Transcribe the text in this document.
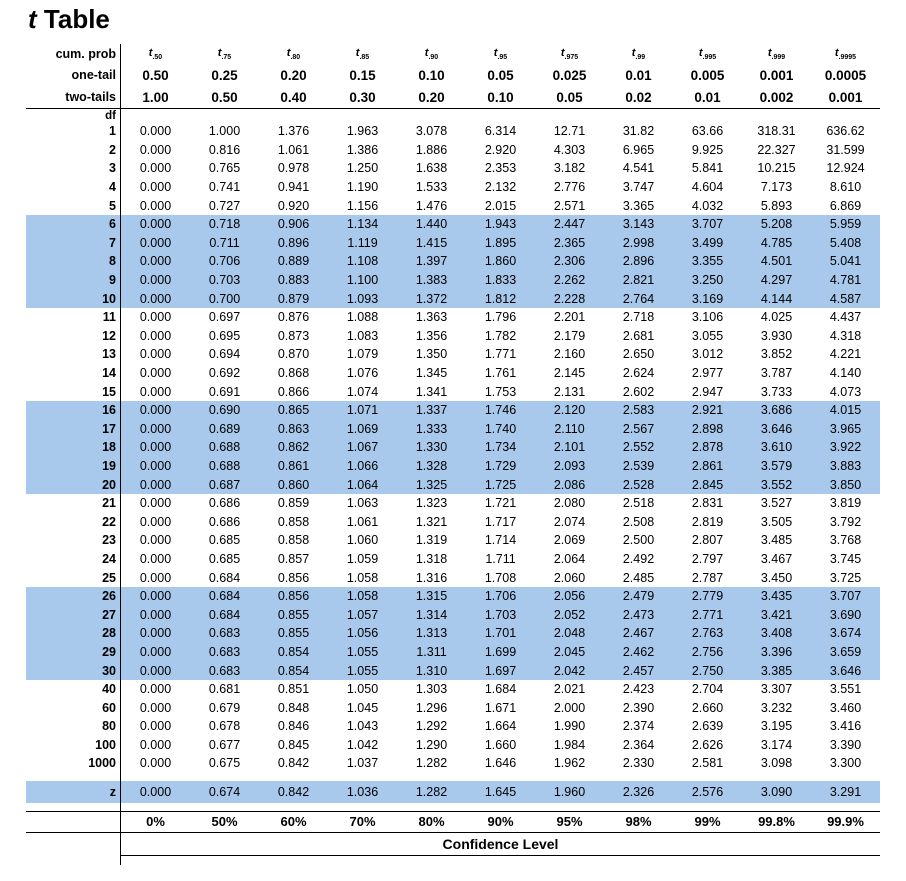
t Table
cum. prob	$t_{.50}$	$t_{.75}$	$t_{.80}$	$t_{.85}$	$t_{.90}$	$t_{.95}$	$t_{.975}$	$t_{.99}$	$t_{.995}$	$t_{.999}$	$t_{.9995}$
one-tail	0.50	0.25	0.20	0.15	0.10	0.05	0.025	0.01	0.005	0.001	0.0005
two-tails	1.00	0.50	0.40	0.30	0.20	0.10	0.05	0.02	0.01	0.002	0.001
df											
1	0.000	1.000	1.376	1.963	3.078	6.314	12.71	31.82	63.66	318.31	636.62
2	0.000	0.816	1.061	1.386	1.886	2.920	4.303	6.965	9.925	22.327	31.599
3	0.000	0.765	0.978	1.250	1.638	2.353	3.182	4.541	5.841	10.215	12.924
4	0.000	0.741	0.941	1.190	1.533	2.132	2.776	3.747	4.604	7.173	8.610
5	0.000	0.727	0.920	1.156	1.476	2.015	2.571	3.365	4.032	5.893	6.869
6	0.000	0.718	0.906	1.134	1.440	1.943	2.447	3.143	3.707	5.208	5.959
7	0.000	0.711	0.896	1.119	1.415	1.895	2.365	2.998	3.499	4.785	5.408
8	0.000	0.706	0.889	1.108	1.397	1.860	2.306	2.896	3.355	4.501	5.041
9	0.000	0.703	0.883	1.100	1.383	1.833	2.262	2.821	3.250	4.297	4.781
10	0.000	0.700	0.879	1.093	1.372	1.812	2.228	2.764	3.169	4.144	4.587
11	0.000	0.697	0.876	1.088	1.363	1.796	2.201	2.718	3.106	4.025	4.437
12	0.000	0.695	0.873	1.083	1.356	1.782	2.179	2.681	3.055	3.930	4.318
13	0.000	0.694	0.870	1.079	1.350	1.771	2.160	2.650	3.012	3.852	4.221
14	0.000	0.692	0.868	1.076	1.345	1.761	2.145	2.624	2.977	3.787	4.140
15	0.000	0.691	0.866	1.074	1.341	1.753	2.131	2.602	2.947	3.733	4.073
16	0.000	0.690	0.865	1.071	1.337	1.746	2.120	2.583	2.921	3.686	4.015
17	0.000	0.689	0.863	1.069	1.333	1.740	2.110	2.567	2.898	3.646	3.965
18	0.000	0.688	0.862	1.067	1.330	1.734	2.101	2.552	2.878	3.610	3.922
19	0.000	0.688	0.861	1.066	1.328	1.729	2.093	2.539	2.861	3.579	3.883
20	0.000	0.687	0.860	1.064	1.325	1.725	2.086	2.528	2.845	3.552	3.850
21	0.000	0.686	0.859	1.063	1.323	1.721	2.080	2.518	2.831	3.527	3.819
22	0.000	0.686	0.858	1.061	1.321	1.717	2.074	2.508	2.819	3.505	3.792
23	0.000	0.685	0.858	1.060	1.319	1.714	2.069	2.500	2.807	3.485	3.768
24	0.000	0.685	0.857	1.059	1.318	1.711	2.064	2.492	2.797	3.467	3.745
25	0.000	0.684	0.856	1.058	1.316	1.708	2.060	2.485	2.787	3.450	3.725
26	0.000	0.684	0.856	1.058	1.315	1.706	2.056	2.479	2.779	3.435	3.707
27	0.000	0.684	0.855	1.057	1.314	1.703	2.052	2.473	2.771	3.421	3.690
28	0.000	0.683	0.855	1.056	1.313	1.701	2.048	2.467	2.763	3.408	3.674
29	0.000	0.683	0.854	1.055	1.311	1.699	2.045	2.462	2.756	3.396	3.659
30	0.000	0.683	0.854	1.055	1.310	1.697	2.042	2.457	2.750	3.385	3.646
40	0.000	0.681	0.851	1.050	1.303	1.684	2.021	2.423	2.704	3.307	3.551
60	0.000	0.679	0.848	1.045	1.296	1.671	2.000	2.390	2.660	3.232	3.460
80	0.000	0.678	0.846	1.043	1.292	1.664	1.990	2.374	2.639	3.195	3.416
100	0.000	0.677	0.845	1.042	1.290	1.660	1.984	2.364	2.626	3.174	3.390
1000	0.000	0.675	0.842	1.037	1.282	1.646	1.962	2.330	2.581	3.098	3.300

z	0.000	0.674	0.842	1.036	1.282	1.645	1.960	2.326	2.576	3.090	3.291

	0%	50%	60%	70%	80%	90%	95%	98%	99%	99.8%	99.9%
	Confidence Level										
